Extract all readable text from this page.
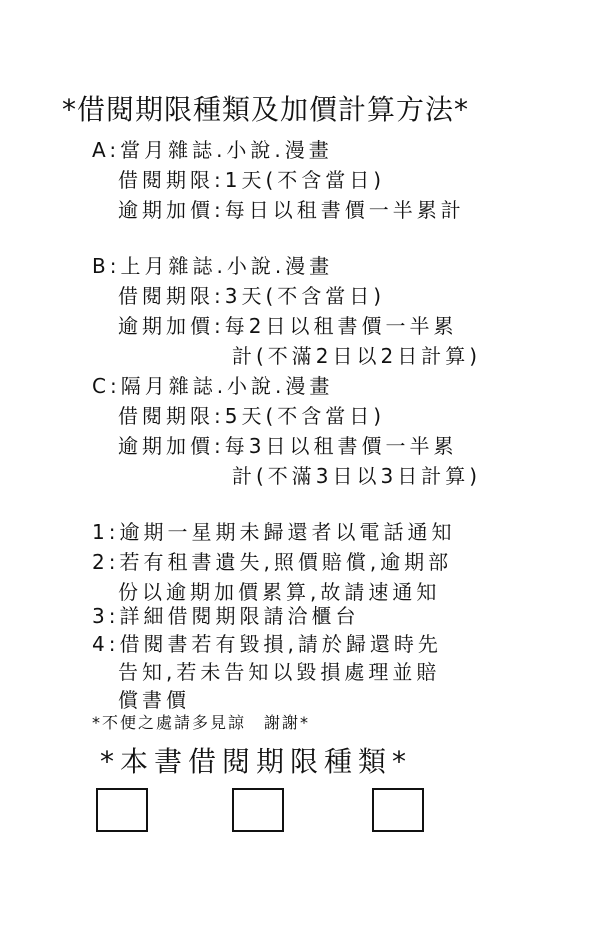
*借閱期限種類及加價計算方法*
A:當月雜誌.小說.漫畫
借閱期限:1天(不含當日)
逾期加價:每日以租書價一半累計
B:上月雜誌.小說.漫畫
借閱期限:3天(不含當日)
逾期加價:每2日以租書價一半累
計(不滿2日以2日計算)
C:隔月雜誌.小說.漫畫
借閱期限:5天(不含當日)
逾期加價:每3日以租書價一半累
計(不滿3日以3日計算)
1:逾期一星期未歸還者以電話通知
2:若有租書遺失,照價賠償,逾期部
份以逾期加價累算,故請速通知
3:詳細借閱期限請洽櫃台
4:借閱書若有毀損,請於歸還時先
告知,若未告知以毀損處理並賠
償書價
*不便之處請多見諒　謝謝*
*本書借閱期限種類*
